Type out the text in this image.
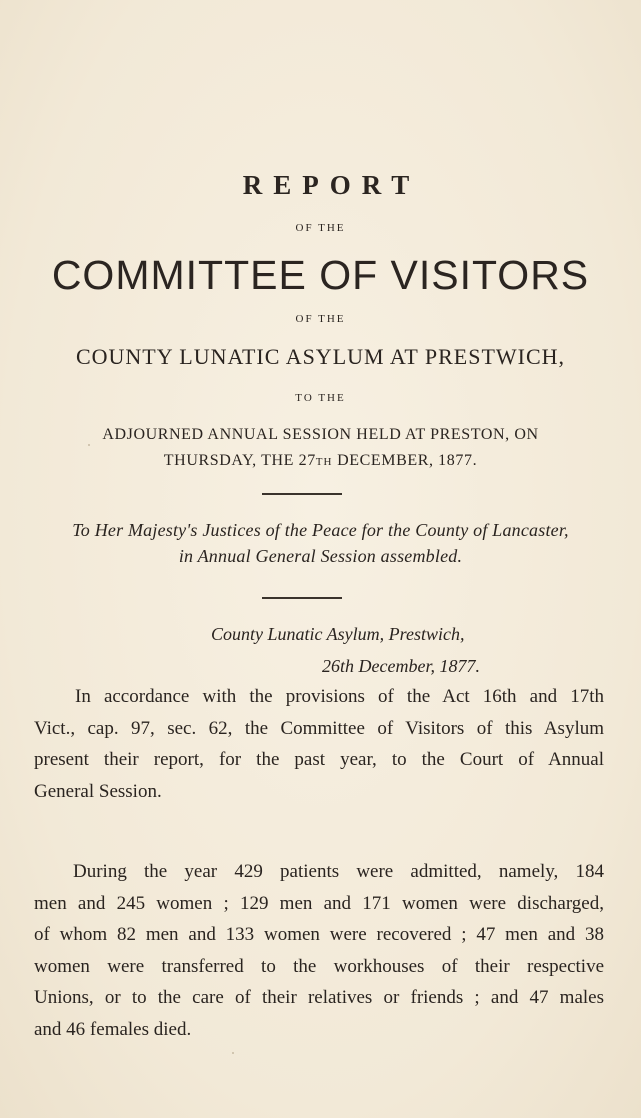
REPORT
OF THE
COMMITTEE OF VISITORS
OF THE
COUNTY LUNATIC ASYLUM AT PRESTWICH,
TO THE
ADJOURNED ANNUAL SESSION HELD AT PRESTON, ON
THURSDAY, THE 27TH DECEMBER, 1877.
To Her Majesty's Justices of the Peace for the County of Lancaster,
in Annual General Session assembled.
County Lunatic Asylum, Prestwich,
26th December, 1877.
In accordance with the provisions of the Act 16th and 17th
Vict., cap. 97, sec. 62, the Committee of Visitors of this Asylum
present their report, for the past year, to the Court of Annual
General Session.
During the year 429 patients were admitted, namely, 184
men and 245 women ; 129 men and 171 women were discharged,
of whom 82 men and 133 women were recovered ; 47 men and 38
women were transferred to the workhouses of their respective
Unions, or to the care of their relatives or friends ; and 47 males
and 46 females died.
